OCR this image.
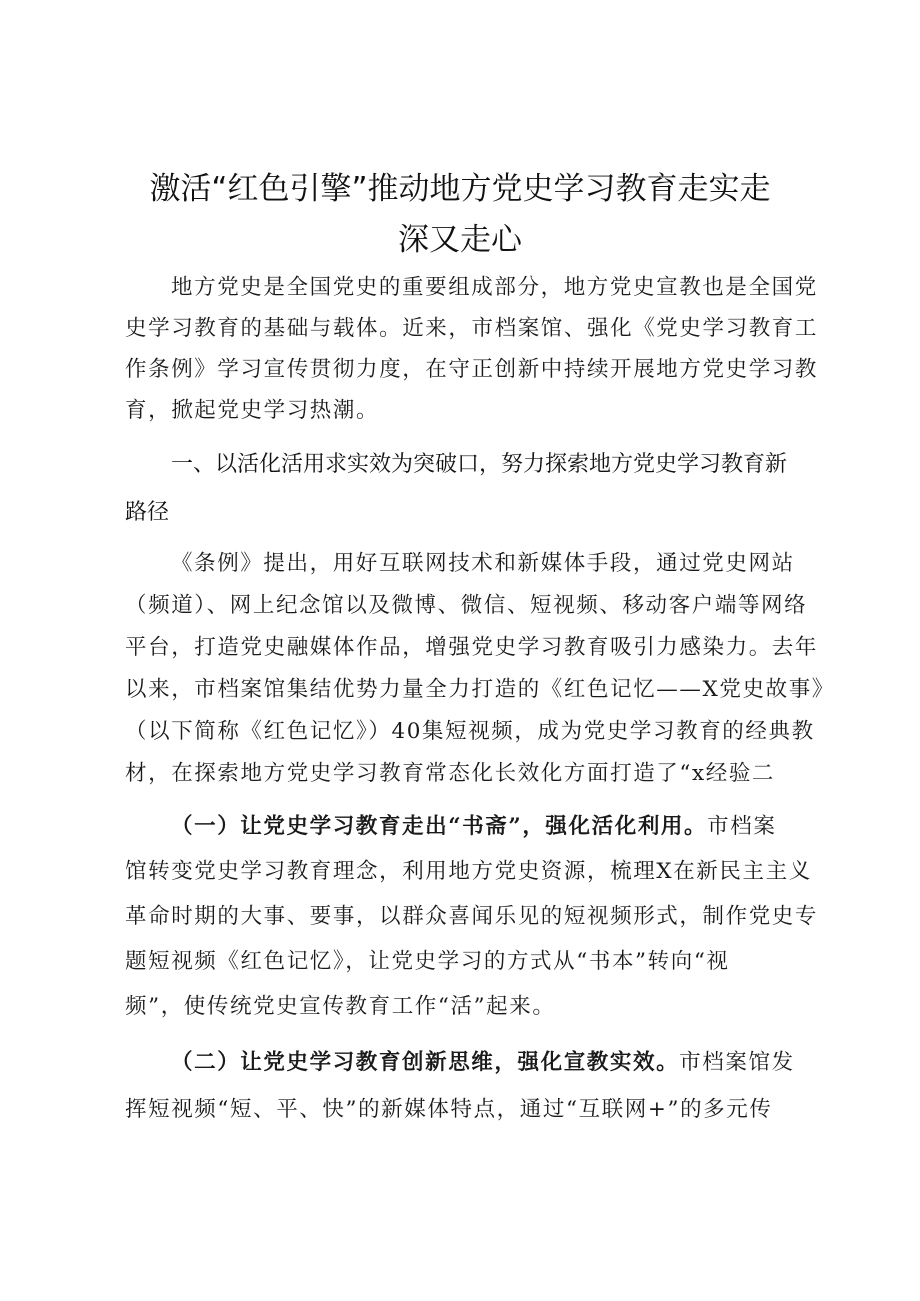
激活“红色引擎”推动地方党史学习教育走实走
深又走心
地方党史是全国党史的重要组成部分，地方党史宣教也是全国党
史学习教育的基础与载体。近来，市档案馆、强化《党史学习教育工
作条例》学习宣传贯彻力度，在守正创新中持续开展地方党史学习教
育，掀起党史学习热潮。
一、以活化活用求实效为突破口，努力探索地方党史学习教育新
路径
《条例》提出，用好互联网技术和新媒体手段，通过党史网站
（频道）、网上纪念馆以及微博、微信、短视频、移动客户端等网络
平台，打造党史融媒体作品，增强党史学习教育吸引力感染力。去年
以来，市档案馆集结优势力量全力打造的《红色记忆——X党史故事》
（以下简称《红色记忆》）40集短视频，成为党史学习教育的经典教
材，在探索地方党史学习教育常态化长效化方面打造了“x经验二
（一）让党史学习教育走出“书斋”，强化活化利用。市档案
馆转变党史学习教育理念，利用地方党史资源，梳理X在新民主主义
革命时期的大事、要事，以群众喜闻乐见的短视频形式，制作党史专
题短视频《红色记忆》，让党史学习的方式从“书本”转向“视
频”，使传统党史宣传教育工作“活”起来。
（二）让党史学习教育创新思维，强化宣教实效。市档案馆发
挥短视频“短、平、快”的新媒体特点，通过“互联网+”的多元传
